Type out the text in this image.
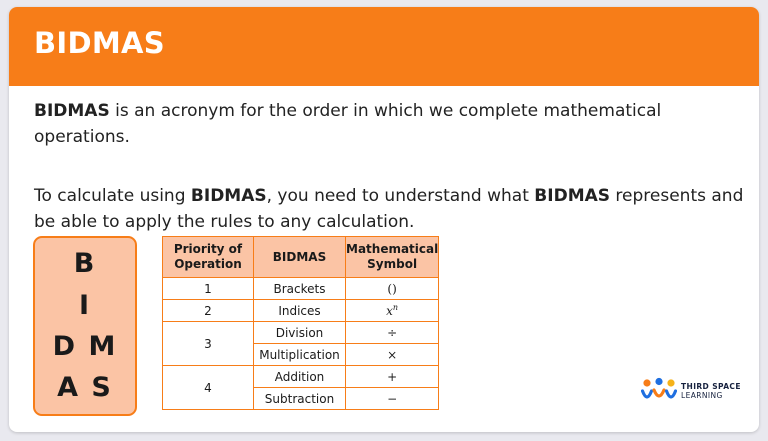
BIDMAS
BIDMAS is an acronym for the order in which we complete mathematical operations.
To calculate using BIDMAS, you need to understand what BIDMAS represents and be able to apply the rules to any calculation.
B
I
D M
A S
Priority of Operation	BIDMAS	Mathematical Symbol
1	Brackets	()
2	Indices	$x^n$
3	Division	÷
	Multiplication	×
4	Addition	+
	Subtraction	−
THIRD SPACE
LEARNING
